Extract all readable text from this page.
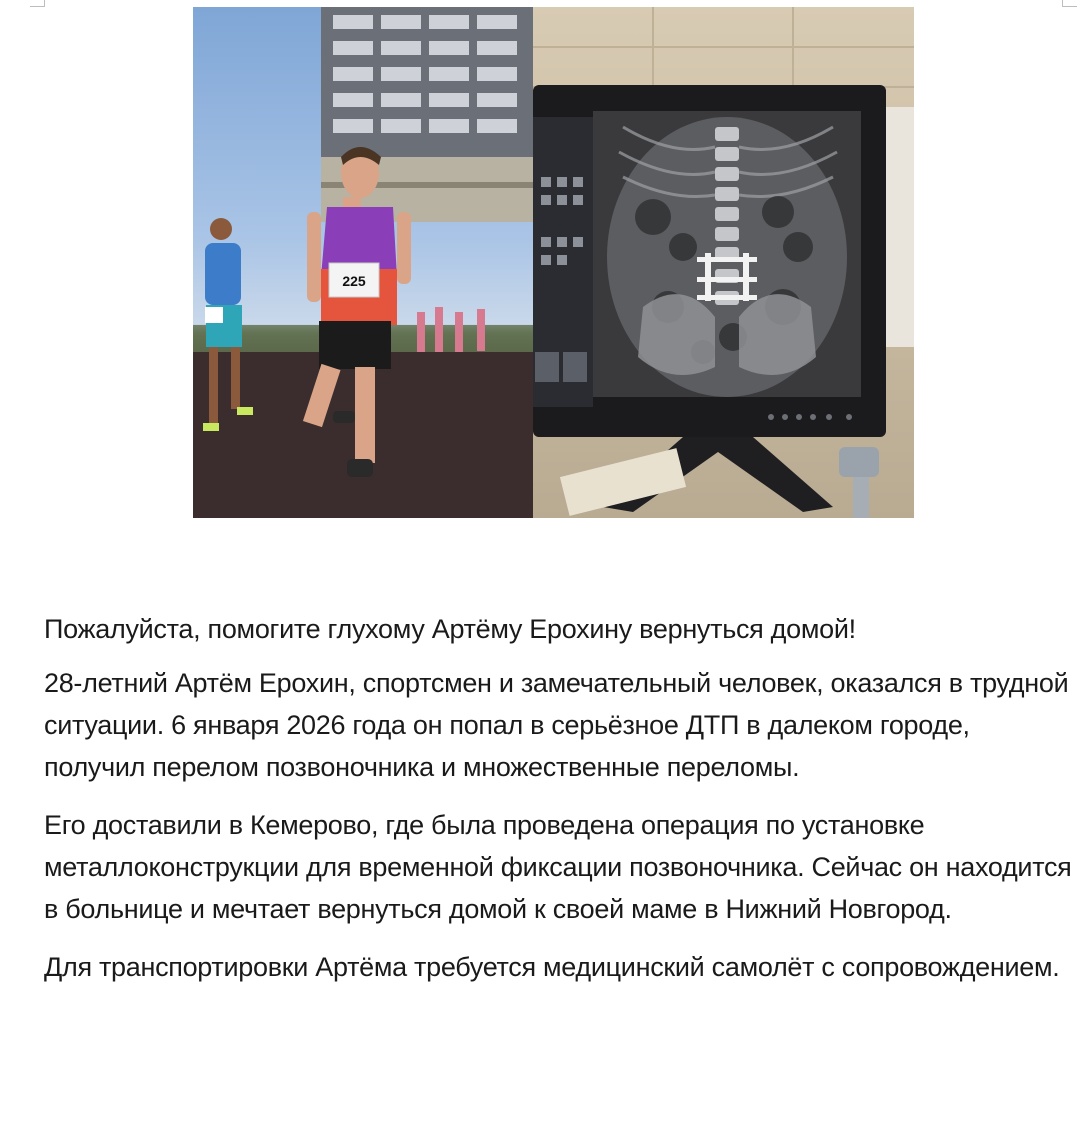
225
Пожалуйста, помогите глухому Артёму Ерохину вернуться домой!

28-летний Артём Ерохин, спортсмен и замечательный человек, оказался в трудной ситуации. 6 января 2026 года он попал в серьёзное ДТП в далеком городе, получил перелом позвоночника и множественные переломы.

Его доставили в Кемерово, где была проведена операция по установке металлоконструкции для временной фиксации позвоночника. Сейчас он находится в больнице и мечтает вернуться домой к своей маме в Нижний Новгород.

Для транспортировки Артёма требуется медицинский самолёт с сопровождением.
